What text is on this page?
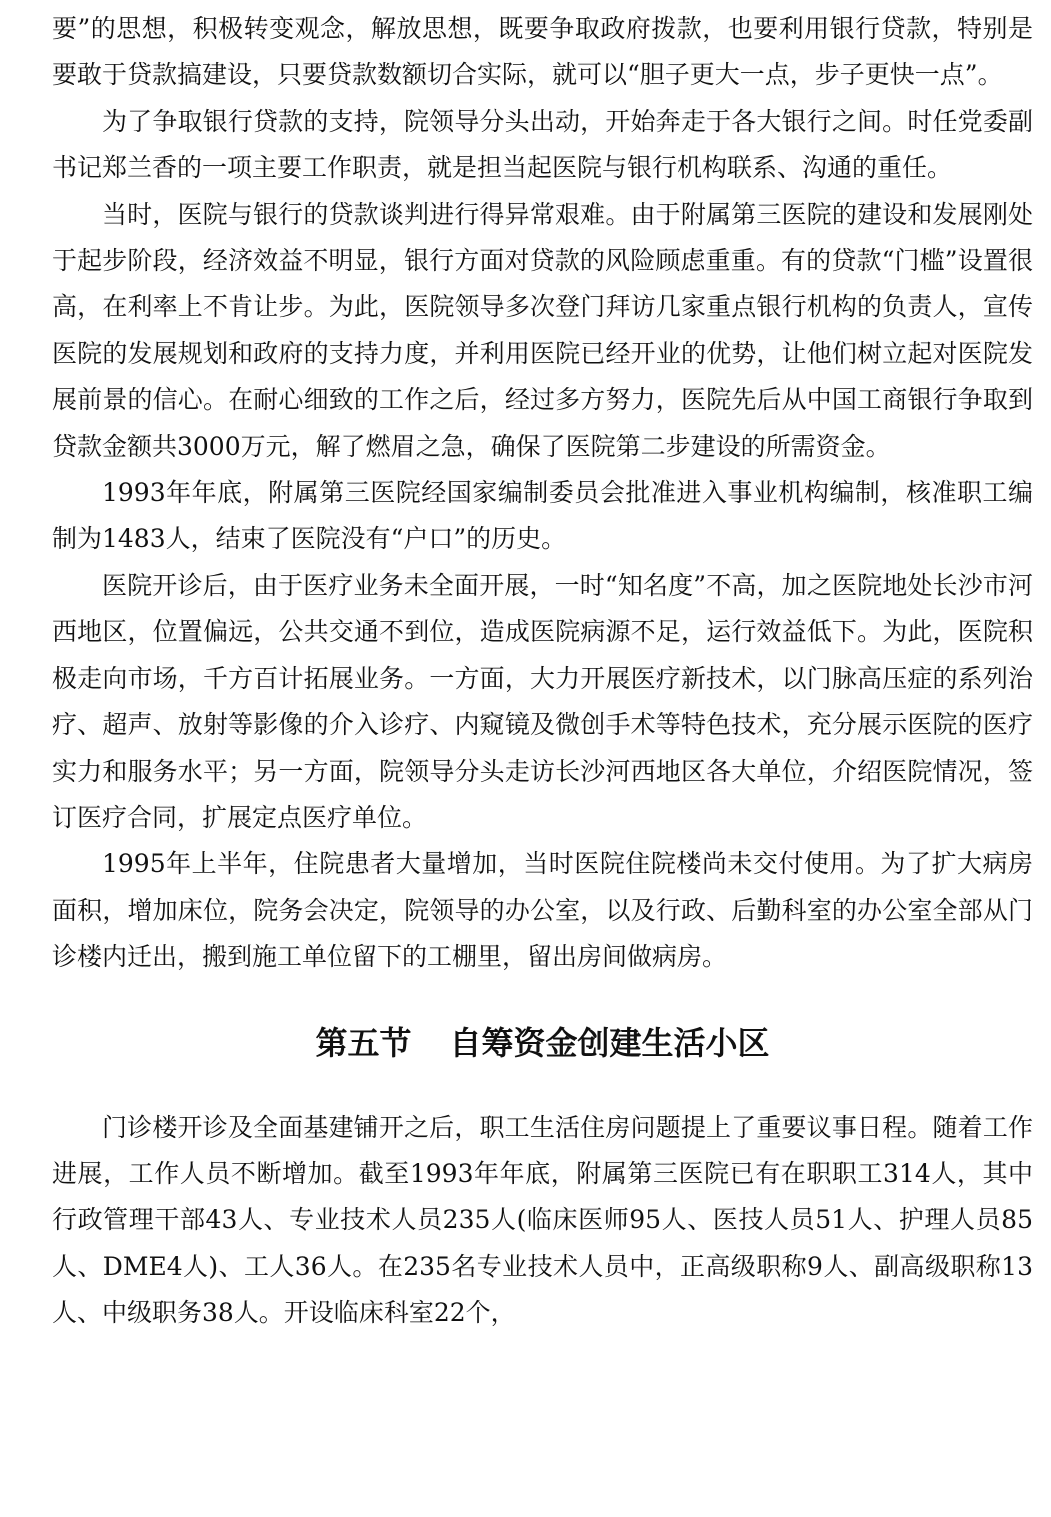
要”的思想，积极转变观念，解放思想，既要争取政府拨款，也要利用银行贷款，特别是要敢于贷款搞建设，只要贷款数额切合实际，就可以“胆子更大一点，步子更快一点”。

为了争取银行贷款的支持，院领导分头出动，开始奔走于各大银行之间。时任党委副书记郑兰香的一项主要工作职责，就是担当起医院与银行机构联系、沟通的重任。

当时，医院与银行的贷款谈判进行得异常艰难。由于附属第三医院的建设和发展刚处于起步阶段，经济效益不明显，银行方面对贷款的风险顾虑重重。有的贷款“门槛”设置很高，在利率上不肯让步。为此，医院领导多次登门拜访几家重点银行机构的负责人，宣传医院的发展规划和政府的支持力度，并利用医院已经开业的优势，让他们树立起对医院发展前景的信心。在耐心细致的工作之后，经过多方努力，医院先后从中国工商银行争取到贷款金额共3000万元，解了燃眉之急，确保了医院第二步建设的所需资金。

1993年年底，附属第三医院经国家编制委员会批准进入事业机构编制，核准职工编制为1483人，结束了医院没有“户口”的历史。

医院开诊后，由于医疗业务未全面开展，一时“知名度”不高，加之医院地处长沙市河西地区，位置偏远，公共交通不到位，造成医院病源不足，运行效益低下。为此，医院积极走向市场，千方百计拓展业务。一方面，大力开展医疗新技术，以门脉高压症的系列治疗、超声、放射等影像的介入诊疗、内窥镜及微创手术等特色技术，充分展示医院的医疗实力和服务水平；另一方面，院领导分头走访长沙河西地区各大单位，介绍医院情况，签订医疗合同，扩展定点医疗单位。

1995年上半年，住院患者大量增加，当时医院住院楼尚未交付使用。为了扩大病房面积，增加床位，院务会决定，院领导的办公室，以及行政、后勤科室的办公室全部从门诊楼内迁出，搬到施工单位留下的工棚里，留出房间做病房。

第五节 自筹资金创建生活小区

门诊楼开诊及全面基建铺开之后，职工生活住房问题提上了重要议事日程。随着工作进展，工作人员不断增加。截至1993年年底，附属第三医院已有在职职工314人，其中行政管理干部43人、专业技术人员235人(临床医师95人、医技人员51人、护理人员85人、DME4人)、工人36人。在235名专业技术人员中，正高级职称9人、副高级职称13人、中级职务38人。开设临床科室22个，
